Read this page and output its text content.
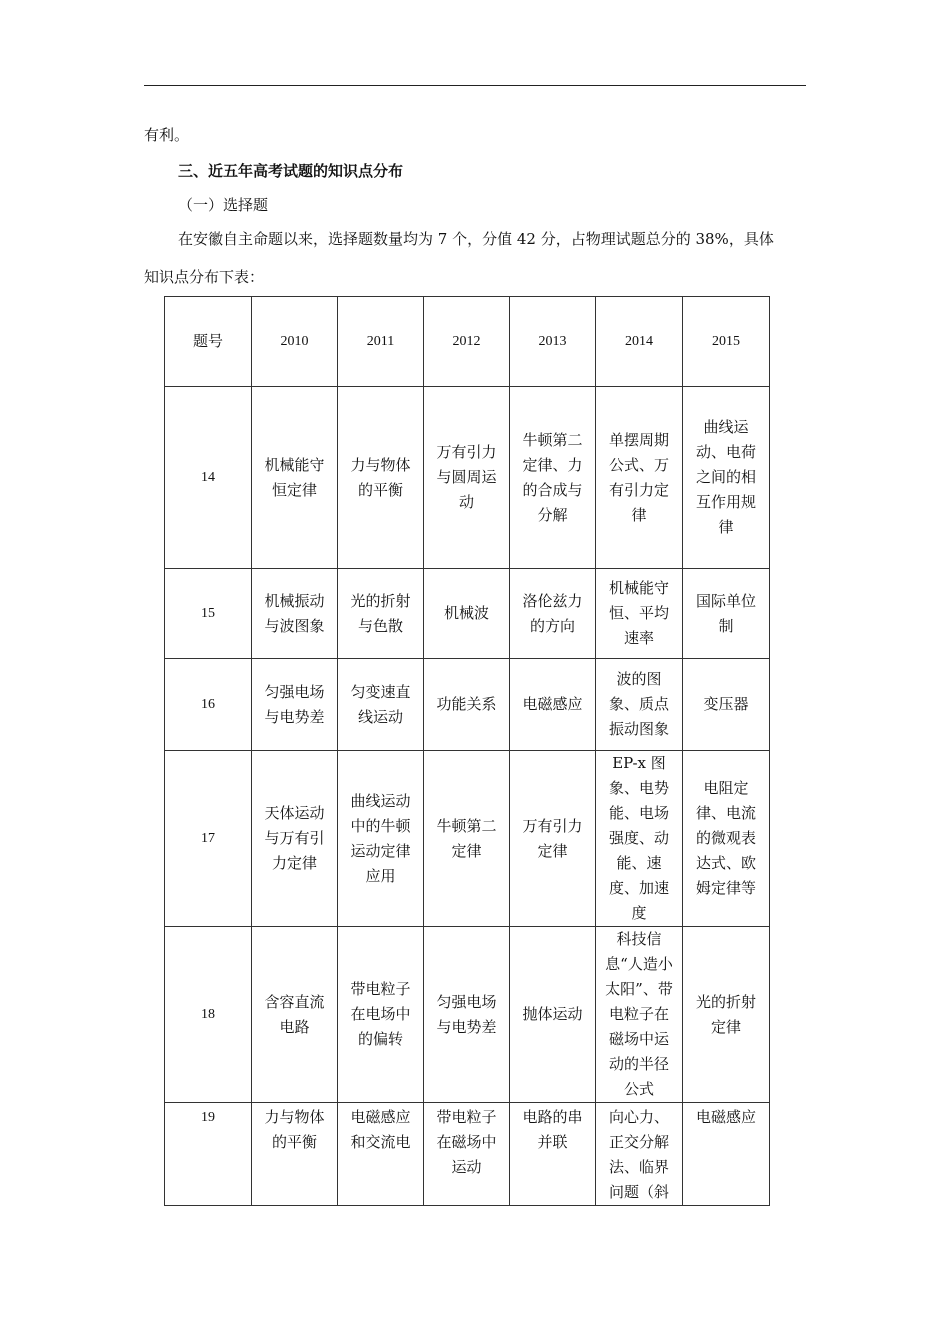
有利。
三、近五年高考试题的知识点分布
（一）选择题
在安徽自主命题以来，选择题数量均为 7 个，分值 42 分，占物理试题总分的 38%，具体
知识点分布下表：
题号	2010	2011	2012	2013	2014	2015
14	机械能守恒定律	力与物体的平衡	万有引力与圆周运动	牛顿第二定律、力的合成与分解	单摆周期公式、万有引力定律	曲线运动、电荷之间的相互作用规律
15	机械振动与波图象	光的折射与色散	机械波	洛伦兹力的方向	机械能守恒、平均速率	国际单位制
16	匀强电场与电势差	匀变速直线运动	功能关系	电磁感应	波的图象、质点振动图象	变压器
17	天体运动与万有引力定律	曲线运动中的牛顿运动定律应用	牛顿第二定律	万有引力定律	EP-x 图象、电势能、电场强度、动能、速度、加速度	电阻定律、电流的微观表达式、欧姆定律等
18	含容直流电路	带电粒子在电场中的偏转	匀强电场与电势差	抛体运动	科技信息“人造小太阳”、带电粒子在磁场中运动的半径公式	光的折射定律
19	力与物体的平衡	电磁感应和交流电	带电粒子在磁场中运动	电路的串并联	向心力、正交分解法、临界问题（斜	电磁感应
